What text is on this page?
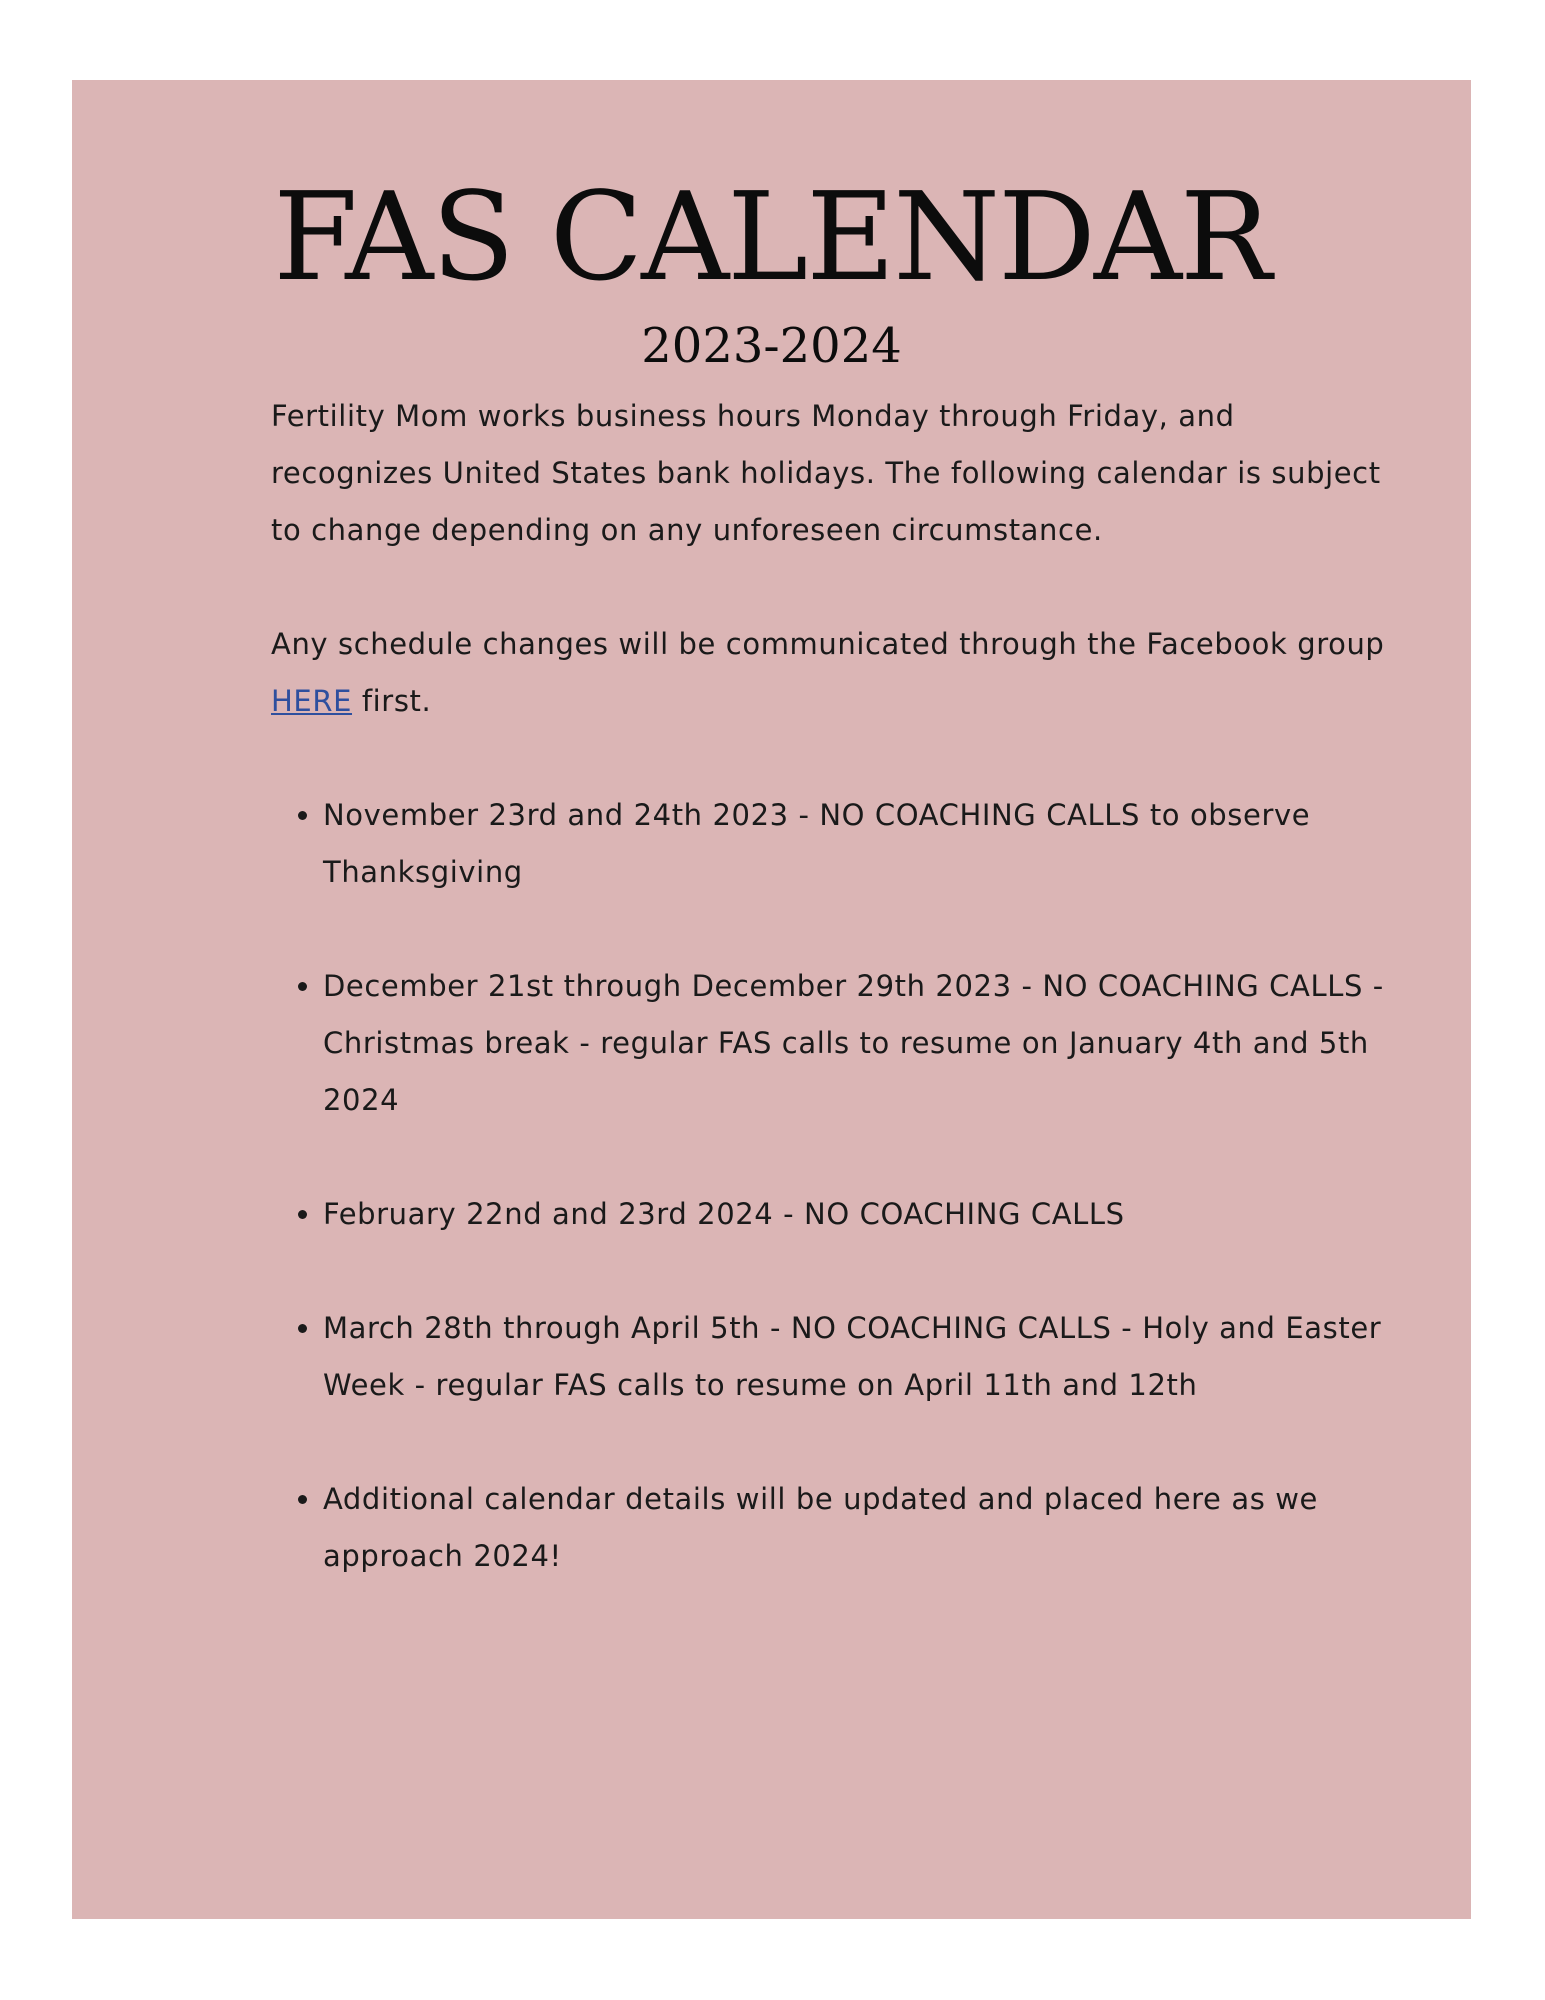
FAS CALENDAR
2023-2024

Fertility Mom works business hours Monday through Friday, and recognizes United States bank holidays. The following calendar is subject to change depending on any unforeseen circumstance.

Any schedule changes will be communicated through the Facebook group HERE first.

• November 23rd and 24th 2023 - NO COACHING CALLS to observe Thanksgiving
• December 21st through December 29th 2023 - NO COACHING CALLS - Christmas break - regular FAS calls to resume on January 4th and 5th 2024
• February 22nd and 23rd 2024 - NO COACHING CALLS
• March 28th through April 5th - NO COACHING CALLS - Holy and Easter Week - regular FAS calls to resume on April 11th and 12th
• Additional calendar details will be updated and placed here as we approach 2024!
